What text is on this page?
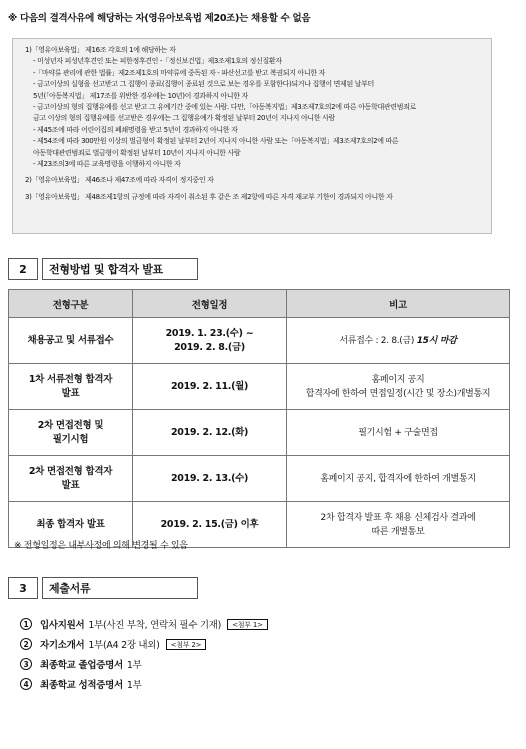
※ 다음의 결격사유에 해당하는 자(영유아보육법 제20조)는 채용할 수 없음
1)「영유아보육법」 제16조 각호의 1에 해당하는 자
- 미성년자 피성년후견인 또는 피한정후견인 -「정신보건법」제3조제1호의 정신질환자
-「마약류 관리에 관한 법률」제2조제1호의 마약류에 중독된 자 - 파산선고를 받고 복권되지 아니한 자
- 금고이상의 실형을 선고받고 그 집행이 종료(집행이 종료된 것으로 보는 경우를 포함한다)되거나 집행이 면제된 날부터
5년(「아동복지법」 제17조를 위반한 경우에는 10년)이 경과하지 아니한 자
- 금고이상의 형의 집행유예를 선고 받고 그 유예기간 중에 있는 사람. 다만,「아동복지법」제3조제7호의2에 따른 아동학대관련범죄로
금고 이상의 형의 집행유예를 선고받은 경우에는 그 집행유예가 확정된 날부터 20년이 지나지 아니한 사람
- 제45조에 따라 어린이집의 폐쇄명령을 받고 5년이 경과하지 아니한 자
- 제54조에 따라 300만원 이상의 벌금형이 확정된 날부터 2년이 지나지 아니한 사람 또는「아동복지법」제3조제7호의2에 따른
아동학대관련범죄로 벌금형이 확정된 날부터 10년이 지나지 아니한 사람
- 제23조의3에 따른 교육명령을 이행하지 아니한 자
2)「영유아보육법」 제46조나 제47조에 따라 자격이 정지중인 자
3)「영유아보육법」 제48조제1항의 규정에 따라 자격이 취소된 후 같은 조 제2항에 따른 자격 재교부 기한이 경과되지 아니한 자
2	전형방법 및 합격자 발표
전형구분	전형일정	비고
채용공고 및 서류접수	2019. 1. 23.(수) ~
2019. 2. 8.(금)	서류접수 : 2. 8.(금) 15시 마감
1차 서류전형 합격자
발표	2019. 2. 11.(월)	홈페이지 공지
합격자에 한하여 면접일정(시간 및 장소)개별통지
2차 면접전형 및
필기시험	2019. 2. 12.(화)	필기시험 + 구술면접
2차 면접전형 합격자
발표	2019. 2. 13.(수)	홈페이지 공지, 합격자에 한하여 개별통지
최종 합격자 발표	2019. 2. 15.(금) 이후	2차 합격자 발표 후 채용 신체검사 결과에
따른 개별통보
※ 전형일정은 내부사정에 의해 변경될 수 있음
3	제출서류
1	입사지원서 1부(사진 부착, 연락처 필수 기재)	<첨부 1>
2	자기소개서 1부(A4 2장 내외)	<첨부 2>
3	최종학교 졸업증명서 1부
4	최종학교 성적증명서 1부
